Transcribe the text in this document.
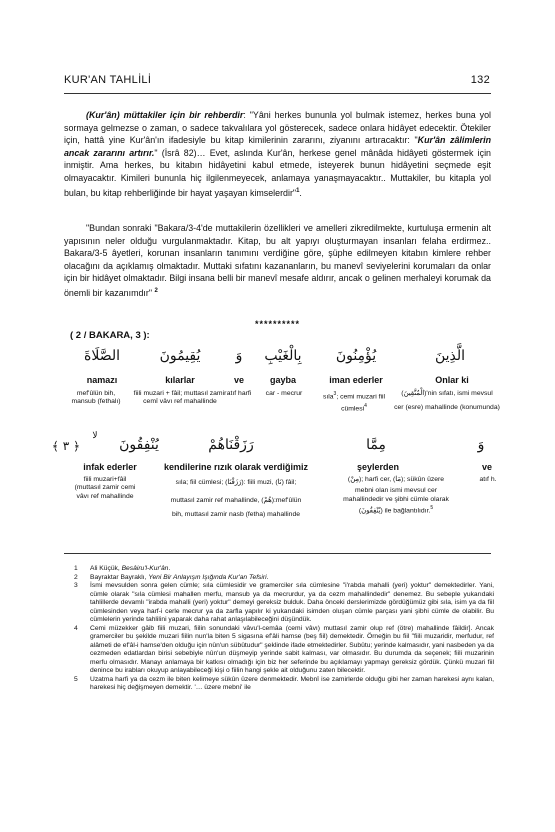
KUR'AN TAHLİLİ	132

(Kur'ân) müttakiler için bir rehberdir: "Yâni herkes bununla yol bulmak istemez, herkes buna yol sormaya gelmezse o zaman, o sadece takvalılara yol gösterecek, sadece onlara hidâyet edecektir. Ötekiler için, hattâ yine Kur'ân'ın ifadesiyle bu kitap kimilerinin zararını, ziyanını artıracaktır: "Kur'ân zâlimlerin ancak zararını artırır." (İsrâ 82)… Evet, aslında Kur'ân, herkese genel mânâda hidâyeti göstermek için inmiştir. Ama herkes, bu kitabın hidâyetini kabul etmede, isteyerek bunun hidâyetini seçmede eşit olmayacaktır. Kimileri bununla hiç ilgilenmeyecek, anlamaya yanaşmayacaktır.. Muttakiler, bu kitapla yol bulan, bu kitap rehberliğinde bir hayat yaşayan kimselerdir"$^1$.

"Bundan sonraki "Bakara/3-4'de muttakilerin özellikleri ve amelleri zikredilmekte, kurtuluşa ermenin alt yapısının neler olduğu vurgulanmaktadır. Kitap, bu alt yapıyı oluşturmayan insanları felaha erdirmez.. Bakara/3-5 âyetleri, korunan insanların tanımını verdiğine göre, şüphe edilmeyen kitabın kimlere rehber olacağını da açıklamış olmaktadır. Muttaki sıfatını kazananların, bu manevî seviyelerini korumaları da onlar için bir hidâyet olmaktadır. Bilgi insana belli bir manevî mesafe aldırır, ancak o gelinen merhaleyi korumak da önemli bir kazanımdır" $^2$

**********
( 2 / BAKARA, 3 ):
الَّذِينَ
يُؤْمِنُونَ
بِالْغَيْبِ
وَ
يُقِيمُونَ
الصَّلَاةَ
Onlar ki
iman ederler
gayba
ve
kılarlar
namazı
(الْمُتَّقِينَ)'nin sıfatı, ismi mevsul
cer (esre) mahallinde (konumunda)
sıla$^3$; cemi muzari fiil cümlesi$^4$
car - mecrur
atıf harfi
fiili muzari + fâil; muttasıl zamir cemî vâvı ref mahallinde
mef'ûlün bih, mansub (fethalı)
وَ
مِمَّا
رَزَقْنَاهُمْ
يُنْفِقُونَ
لا
﴿ ٣ ﴾
ve
şeylerden
kendilerine rızık olarak verdiğimiz
infak ederler
atıf h.
(مِنْ); harfi cer, (مَا); sükûn üzere
mebni olan ismi mevsul cer mahallindedir ve şibhi cümle olarak (يُنْفِقُونَ) ile bağlantılıdır.$^5$
sıla; fiil cümlesi; (رَزَقْنَا): fiili muzi, (نَا) fâil;
muttasıl zamir ref mahallinde, (هُمْ):mef'ûlün
bih, muttasıl zamir nasb (fetha) mahallinde
fiili muzari+fâil (muttasıl zamir cemi vâvı ref mahallinde
1 Ali Küçük, Besâiru'l-Kur'ân.
2 Bayraktar Bayraklı, Yeni Bir Anlayışın Işığında Kur'an Tefsiri.
3 İsmi mevsulden sonra gelen cümle; sıla cümlesidir ve gramerciler sıla cümlesine "i'rabda mahalli (yeri) yoktur" demektedirler. Yani, cümle olarak "sıla cümlesi mahallen merfu, mansub ya da mecrurdur, ya da cezm mahallindedir" denemez. Bu sebeple yukarıdaki tahlillerde devamlı "irabda mahalli (yeri) yoktur" demeyi gereksiz bulduk. Daha önceki derslerimizde gördüğümüz gibi sıla, isim ya da fiil cümlesinden veya harf-i cerle mecrur ya da zarfla yapılır ki yukarıdaki isimden oluşan cümle parçası yani şibhi cümle de olabilir. Bu cümlelerin yerinde tahlilini yaparak daha rahat anlaşılabileceğini düşündük.
4 Cemi müzekker gâib fiili muzari, fiilin sonundaki vâvu'l-cemâa (cemi vâvı) muttasıl zamir olup ref (ötre) mahallinde fâildir]. Ancak gramerciler bu şekilde muzari fiilin nun'la biten 5 sigasına ef'âli hamse (beş fiil) demektedir. Örneğin bu fiil "fiili muzaridir, merfudur, ref alâmeti de ef'âl-i hamse'den olduğu için nûn'un sübûtudur" şeklinde ifade etmektedirler. Subûtu; yerinde kalmasıdır, yani nasbeden ya da cezmeden edatlardan birisi sebebiyle nûn'un düşmeyip yerinde sabit kalması, var olmasıdır. Bu durumda da seçenek; fiili muzarinin merfu olmasıdır. Manayı anlamaya bir katkısı olmadığı için biz her seferinde bu açıklamayı yapmayı gereksiz gördük. Çünkü muzari fiil denince bu irabları okuyup anlayabileceği kişi o fiilin hangi şekle ait olduğunu zaten bilecektir.
5 Uzatma harfi ya da cezm ile biten kelimeye sükûn üzere denmektedir. Mebnî ise zamirlerde olduğu gibi her zaman harekesi aynı kalan, harekesi hiç değişmeyen demektir. '… üzere mebni' ile
